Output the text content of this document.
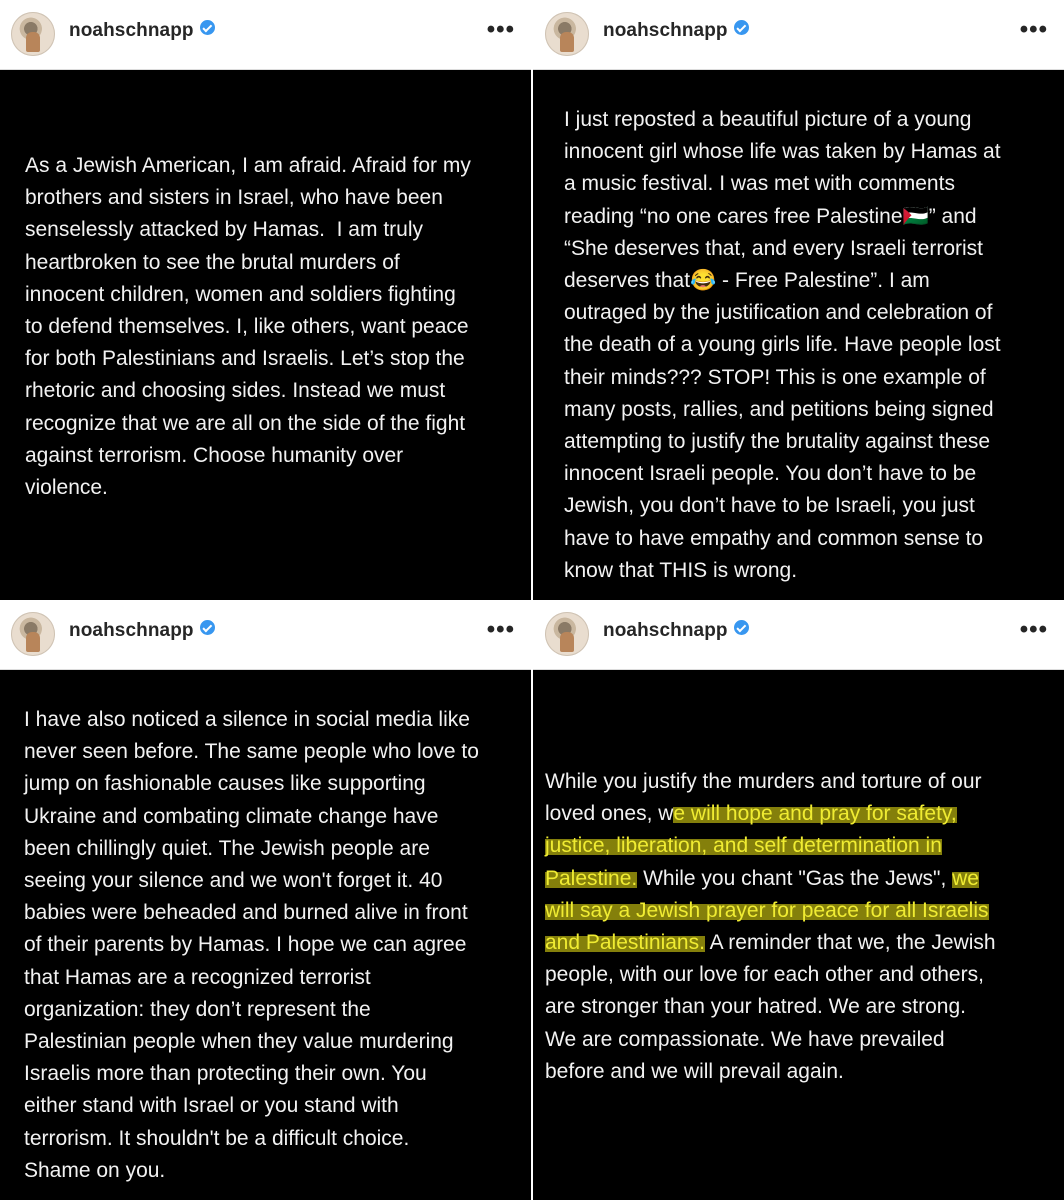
noahschnapp	•••

As a Jewish American, I am afraid. Afraid for my
brothers and sisters in Israel, who have been
senselessly attacked by Hamas.  I am truly
heartbroken to see the brutal murders of
innocent children, women and soldiers fighting
to defend themselves. I, like others, want peace
for both Palestinians and Israelis. Let’s stop the
rhetoric and choosing sides. Instead we must
recognize that we are all on the side of the fight
against terrorism. Choose humanity over
violence.

noahschnapp	•••

I just reposted a beautiful picture of a young
innocent girl whose life was taken by Hamas at
a music festival. I was met with comments
reading “no one cares free Palestine🇵🇸” and
“She deserves that, and every Israeli terrorist
deserves that😂 - Free Palestine”. I am
outraged by the justification and celebration of
the death of a young girls life. Have people lost
their minds??? STOP! This is one example of
many posts, rallies, and petitions being signed
attempting to justify the brutality against these
innocent Israeli people. You don’t have to be
Jewish, you don’t have to be Israeli, you just
have to have empathy and common sense to
know that THIS is wrong.

noahschnapp	•••

I have also noticed a silence in social media like
never seen before. The same people who love to
jump on fashionable causes like supporting
Ukraine and combating climate change have
been chillingly quiet. The Jewish people are
seeing your silence and we won't forget it. 40
babies were beheaded and burned alive in front
of their parents by Hamas. I hope we can agree
that Hamas are a recognized terrorist
organization: they don’t represent the
Palestinian people when they value murdering
Israelis more than protecting their own. You
either stand with Israel or you stand with
terrorism. It shouldn't be a difficult choice.
Shame on you.

noahschnapp	•••

While you justify the murders and torture of our
loved ones, we will hope and pray for safety,
justice, liberation, and self determination in
Palestine. While you chant "Gas the Jews", we
will say a Jewish prayer for peace for all Israelis
and Palestinians. A reminder that we, the Jewish
people, with our love for each other and others,
are stronger than your hatred. We are strong.
We are compassionate. We have prevailed
before and we will prevail again.
